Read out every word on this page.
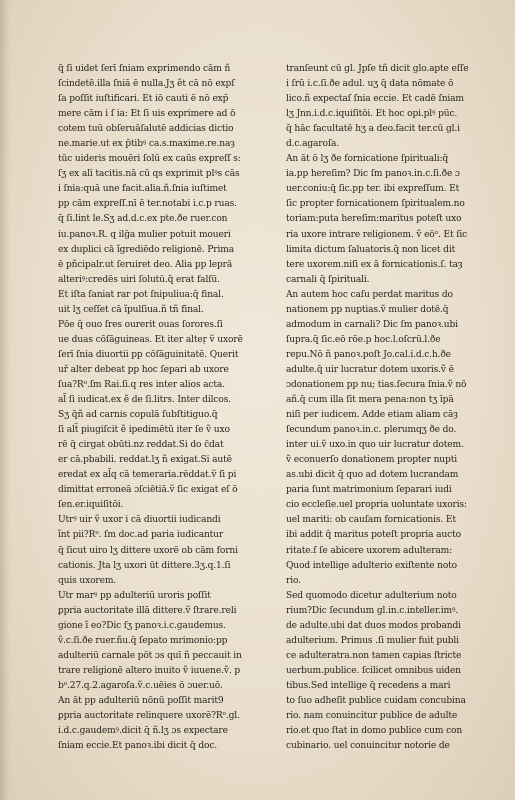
q̄ ſi uidet ſerī ſniam exprimendo cām ñ
ſcindetē.illa ſniā ē nulla.Jʒ ẽt cā nō expſ
ſa poſſit iuſtificari. Et iō cauti ē nō exp̄
mere cām i ſ ia: Et ſi uis exprimere ad ō
cotem tuū obſeruāſalutē addicias dictio
ne.marie.ut ex p̄tibꝰ ca.s.maxime.re.naȝ
tūc uideris mouēri ſolū ex caūs expreſſ s:
ſʒ ex alī tacitis.nā cū qs exprimit plꝰs cās
i ſnia:quā une facit.alia.ñ.ſnia iuſtimet
pp cām expreſſ.nī ē ter.notabi i.c.p ruas.
q̄ ſi.lint le.Sʒ ad.d.c.ex pte.ðe ruer.con
iu.panoꝛ.R. q ilḡa mulier potuit moueri
ex duplici cā ĩgrediēdo religionē. Prima
ē pñcipalr.ut ſeruiret deo. Alia pp leprā
alteriꝰ:credēs uiri ſolutū.q̄ erat falſū.
Et iſta ſaniat rar pot ſnipuliua:q̄ final.
uit lʒ ceſſet cā ĩpulſiua.ñ tñ final.
Pōe q̄ ouo ſres ourerit ouas ſorores.ſi
ue duas cōſāguineas. Et iter alteṛ ṽ uxorē
ſerī ſnia diuortii pp cōſāguinitatē. Querit
uř alter debeat pp hoc ſepari ab uxore
ſua?Rᵒ.ſm Rai.ſi.q res inter alios acta.
al̃ ſi iudicat.ex ẽ de ſi.litrs. Inter dilcos.
Sʒ q̄ñ ad carnis copulā ſubſtitiguo.q̄
ſi alt̃ piugiſcit ẽ ipedimētū iter ſe ṽ uxo
rē q̄ cirgat obūti.nz reddat.Si do c̄dat
er cā.pbabili. reddat.lʒ ñ exigat.Si autē
eredat ex al̃q cā temeraria.rēddat.ṽ ſi pi
dimittat erroneā ɔſciētiā.ṽ ſic exigat eſ ō
ſen.er.iquiſitōi.
Utrꝰ uir ṽ uxor i cā diuortii iudicandi
ĩnt pii?Rᵒ. ſm doc.ad paria iudicantur
q̄ ſicut uiro lʒ dittere uxorē ob cām forni
cationis. Jta lʒ uxori ūt dittere.3ʒ.q.1.ſi
quis uxorem.
Utr marꝰ pp adulteriū uroris poſſit
ꝑpria auctoritate illā dittere.ṽ ſtrare.reli
gione ĩ eo?Dic ſʒ panoꝛ.i.c.gaudemus.
ṽ.c.ſi.ðe ruer.ñu.q̄ ſepato mrimonio:pp
adulteriū carnale pōt ɔs quī ñ peccauit in
trare religionē altero inuito ṽ iuuene.ṽ. p
bᵒ.27.q.2.agaroſa.ṽ.c.uēies ō ɔuer.uō.
An āt pp adulteriū nōnū poſſit marit9
ꝑpria auctoritate relinquere uxorē?Rᵒ.gl.
i.d.c.gaudemꝰ.dicit q̄ ñ.lʒ ɔs expectare
ſniam eccie.Et panoꝛ.ibi dicit q̄ doc.
tranſeunt cū gl. Jpſe tñ dicit glo.apte eſſe
i ſrū i.c.ſi.ðe adul. uʒ q̄ data nōmate ō
lico.ñ expectaſ ſnia eccie. Et cadē ſniam
lʒ Jnn.i.d.c.iquiſitōi. Et hoc opi.plꝰ pūc.
q̄ hāc facultatē hʒ a deo.facit ter.cū gl.i
d.c.agaroſa.
An āt ō lʒ ðe fornicatione ſpirituali:q̄
ia.pp hereſim? Dic ſm panoꝛ.in.c.ſi.ðe ɔ
uer.coniu:q̄ ſic.pp ter. ibi expreſſum. Et
ſic propter fornicationem ſpiritualem.no
toriam:puta hereſim:maritus poteſt uxo
ria uxore intrare religionem. ṽ eōᵒ. Et ſic
limita dictum ſaluatoris.q̄ non licet dit
tere uxorem.niſi ex ā fornicationis.ſ. taȝ
carnali q̄ ſpirituali.
An autem hoc caſu perdat maritus do
nationem pp nuptias.ṽ mulier dotē.q̄
admodum in carnali? Dic ſm panoꝛ.ubi
ſupra.q̄ ſic.eō rōe.p hoc.l.oſcrū.l.ðe
repu.Nō ñ panoꝛ.poſt Jo.cal.i.d.c.h.ðe
adulte.q̄ uir lucratur dotem uxoris.ṽ ē
ɔdonationem pp nu; tias.ſecura ſnia.ṽ nō
añ.q̄ cum illa ſit mera pena:non tʒ īpā
niſi per iudicem. Adde etiam aliam cāȝ
ſecundum panoꝛ.in.c. plerumqʒ ðe do.
inter ui.ṽ uxo.in quo uir lucratur dotem.
ṽ econuerſo donationem propter nupti
as.ubi dicit q̄ quo ad dotem lucrandam
paria ſunt matrimonium ſeparari iudi
cio eccleſie.uel propria uoluntate uxoris:
uel mariti: ob cauſam fornicationis. Et
ibi addit q̄ maritus poteſt propria aucto
ritate.ſ ſe abicere uxorem adulteram:
Quod intellige adulterio exiſtente noto
rio.
Sed quomodo dicetur adulterium noto
rium?Dic ſecundum gl.in.c.inteller.imꝰ.
de adulte.ubi dat duos modos probandi
adulterium. Primus .ſi mulier fuit publi
ce adulteratra.non tamen capias ſtricte
uerbum.publice. ſcilicet omnibus uiden
tibus.Sed intellige q̄ recedens a mari
to ſuo adheſit publice cuidam concubina
rio. nam conuincitur publice de adulte
rio.et quo ſtat in domo publice cum con
cubinario. uel conuincitur notorie de
